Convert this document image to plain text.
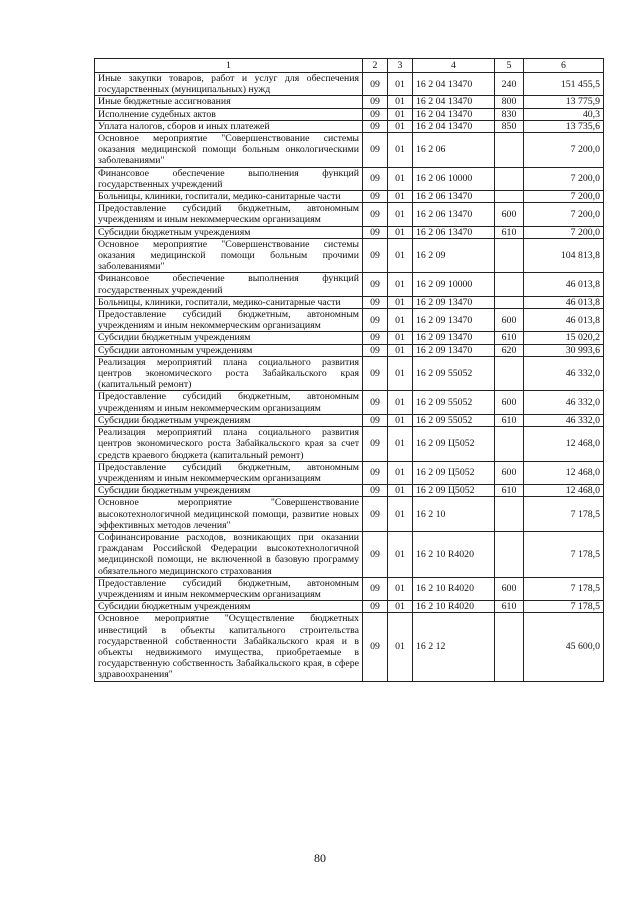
1	2	3	4	5	6
Иные закупки товаров, работ и услуг для обеспечения государственных (муниципальных) нужд	09	01	16 2 04 13470	240	151 455,5
Иные бюджетные ассигнования	09	01	16 2 04 13470	800	13 775,9
Исполнение судебных актов	09	01	16 2 04 13470	830	40,3
Уплата налогов, сборов и иных платежей	09	01	16 2 04 13470	850	13 735,6
Основное мероприятие "Совершенствование системы оказания медицинской помощи больным онкологическими заболеваниями"	09	01	16 2 06		7 200,0
Финансовое обеспечение выполнения функций государственных учреждений	09	01	16 2 06 10000		7 200,0
Больницы, клиники, госпитали, медико-санитарные части	09	01	16 2 06 13470		7 200,0
Предоставление субсидий бюджетным, автономным учреждениям и иным некоммерческим организациям	09	01	16 2 06 13470	600	7 200,0
Субсидии бюджетным учреждениям	09	01	16 2 06 13470	610	7 200,0
Основное мероприятие "Совершенствование системы оказания медицинской помощи больным прочими заболеваниями"	09	01	16 2 09		104 813,8
Финансовое обеспечение выполнения функций государственных учреждений	09	01	16 2 09 10000		46 013,8
Больницы, клиники, госпитали, медико-санитарные части	09	01	16 2 09 13470		46 013,8
Предоставление субсидий бюджетным, автономным учреждениям и иным некоммерческим организациям	09	01	16 2 09 13470	600	46 013,8
Субсидии бюджетным учреждениям	09	01	16 2 09 13470	610	15 020,2
Субсидии автономным учреждениям	09	01	16 2 09 13470	620	30 993,6
Реализация мероприятий плана социального развития центров экономического роста Забайкальского края (капитальный ремонт)	09	01	16 2 09 55052		46 332,0
Предоставление субсидий бюджетным, автономным учреждениям и иным некоммерческим организациям	09	01	16 2 09 55052	600	46 332,0
Субсидии бюджетным учреждениям	09	01	16 2 09 55052	610	46 332,0
Реализация мероприятий плана социального развития центров экономического роста Забайкальского края за счет средств краевого бюджета (капитальный ремонт)	09	01	16 2 09 Ц5052		12 468,0
Предоставление субсидий бюджетным, автономным учреждениям и иным некоммерческим организациям	09	01	16 2 09 Ц5052	600	12 468,0
Субсидии бюджетным учреждениям	09	01	16 2 09 Ц5052	610	12 468,0
Основное мероприятие "Совершенствование высокотехнологичной медицинской помощи, развитие новых эффективных методов лечения"	09	01	16 2 10		7 178,5
Софинансирование расходов, возникающих при оказании гражданам Российской Федерации высокотехнологичной медицинской помощи, не включенной в базовую программу обязательного медицинского страхования	09	01	16 2 10 R4020		7 178,5
Предоставление субсидий бюджетным, автономным учреждениям и иным некоммерческим организациям	09	01	16 2 10 R4020	600	7 178,5
Субсидии бюджетным учреждениям	09	01	16 2 10 R4020	610	7 178,5
Основное мероприятие "Осуществление бюджетных инвестиций в объекты капитального строительства государственной собственности Забайкальского края и в объекты недвижимого имущества, приобретаемые в государственную собственность Забайкальского края, в сфере здравоохранения"	09	01	16 2 12		45 600,0
80
